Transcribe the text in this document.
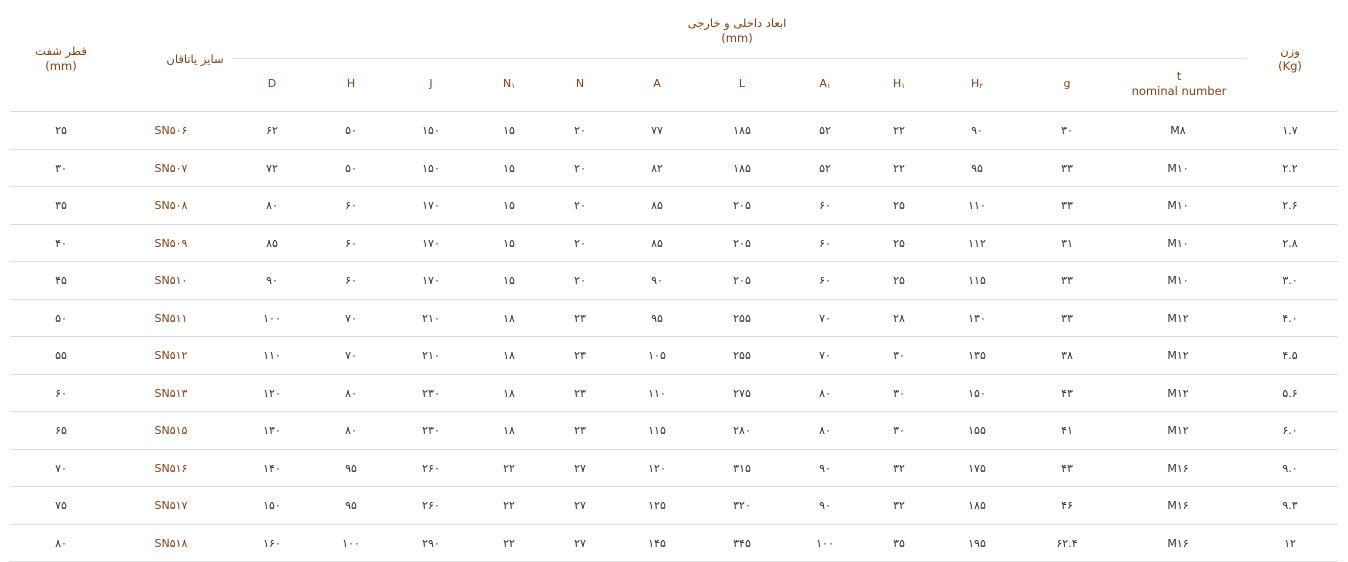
قطر شفت
(mm)	سایز یاتاقان
ابعاد داخلی و خارجی
(mm)
وزن
(Kg)
t
nominal number
D	H	J	$N_۱$	N	A	L	$A_۱$	$H_۱$	$H_۲$	g
۲۵	SN۵۰۶	۶۲	۵۰	۱۵۰	۱۵	۲۰	۷۷	۱۸۵	۵۲	۲۲	۹۰	۳۰	M۸	۱.۷
۳۰	SN۵۰۷	۷۲	۵۰	۱۵۰	۱۵	۲۰	۸۲	۱۸۵	۵۲	۲۲	۹۵	۳۳	M۱۰	۲.۲
۳۵	SN۵۰۸	۸۰	۶۰	۱۷۰	۱۵	۲۰	۸۵	۲۰۵	۶۰	۲۵	۱۱۰	۳۳	M۱۰	۲.۶
۴۰	SN۵۰۹	۸۵	۶۰	۱۷۰	۱۵	۲۰	۸۵	۲۰۵	۶۰	۲۵	۱۱۲	۳۱	M۱۰	۲.۸
۴۵	SN۵۱۰	۹۰	۶۰	۱۷۰	۱۵	۲۰	۹۰	۲۰۵	۶۰	۲۵	۱۱۵	۳۳	M۱۰	۳.۰
۵۰	SN۵۱۱	۱۰۰	۷۰	۲۱۰	۱۸	۲۳	۹۵	۲۵۵	۷۰	۲۸	۱۳۰	۳۳	M۱۲	۴.۰
۵۵	SN۵۱۲	۱۱۰	۷۰	۲۱۰	۱۸	۲۳	۱۰۵	۲۵۵	۷۰	۳۰	۱۳۵	۳۸	M۱۲	۴.۵
۶۰	SN۵۱۳	۱۲۰	۸۰	۲۳۰	۱۸	۲۳	۱۱۰	۲۷۵	۸۰	۳۰	۱۵۰	۴۳	M۱۲	۵.۶
۶۵	SN۵۱۵	۱۳۰	۸۰	۲۳۰	۱۸	۲۳	۱۱۵	۲۸۰	۸۰	۳۰	۱۵۵	۴۱	M۱۲	۶.۰
۷۰	SN۵۱۶	۱۴۰	۹۵	۲۶۰	۲۲	۲۷	۱۲۰	۳۱۵	۹۰	۳۲	۱۷۵	۴۳	M۱۶	۹.۰
۷۵	SN۵۱۷	۱۵۰	۹۵	۲۶۰	۲۲	۲۷	۱۲۵	۳۲۰	۹۰	۳۲	۱۸۵	۴۶	M۱۶	۹.۳
۸۰	SN۵۱۸	۱۶۰	۱۰۰	۲۹۰	۲۲	۲۷	۱۴۵	۳۴۵	۱۰۰	۳۵	۱۹۵	۶۲.۴	M۱۶	۱۲
